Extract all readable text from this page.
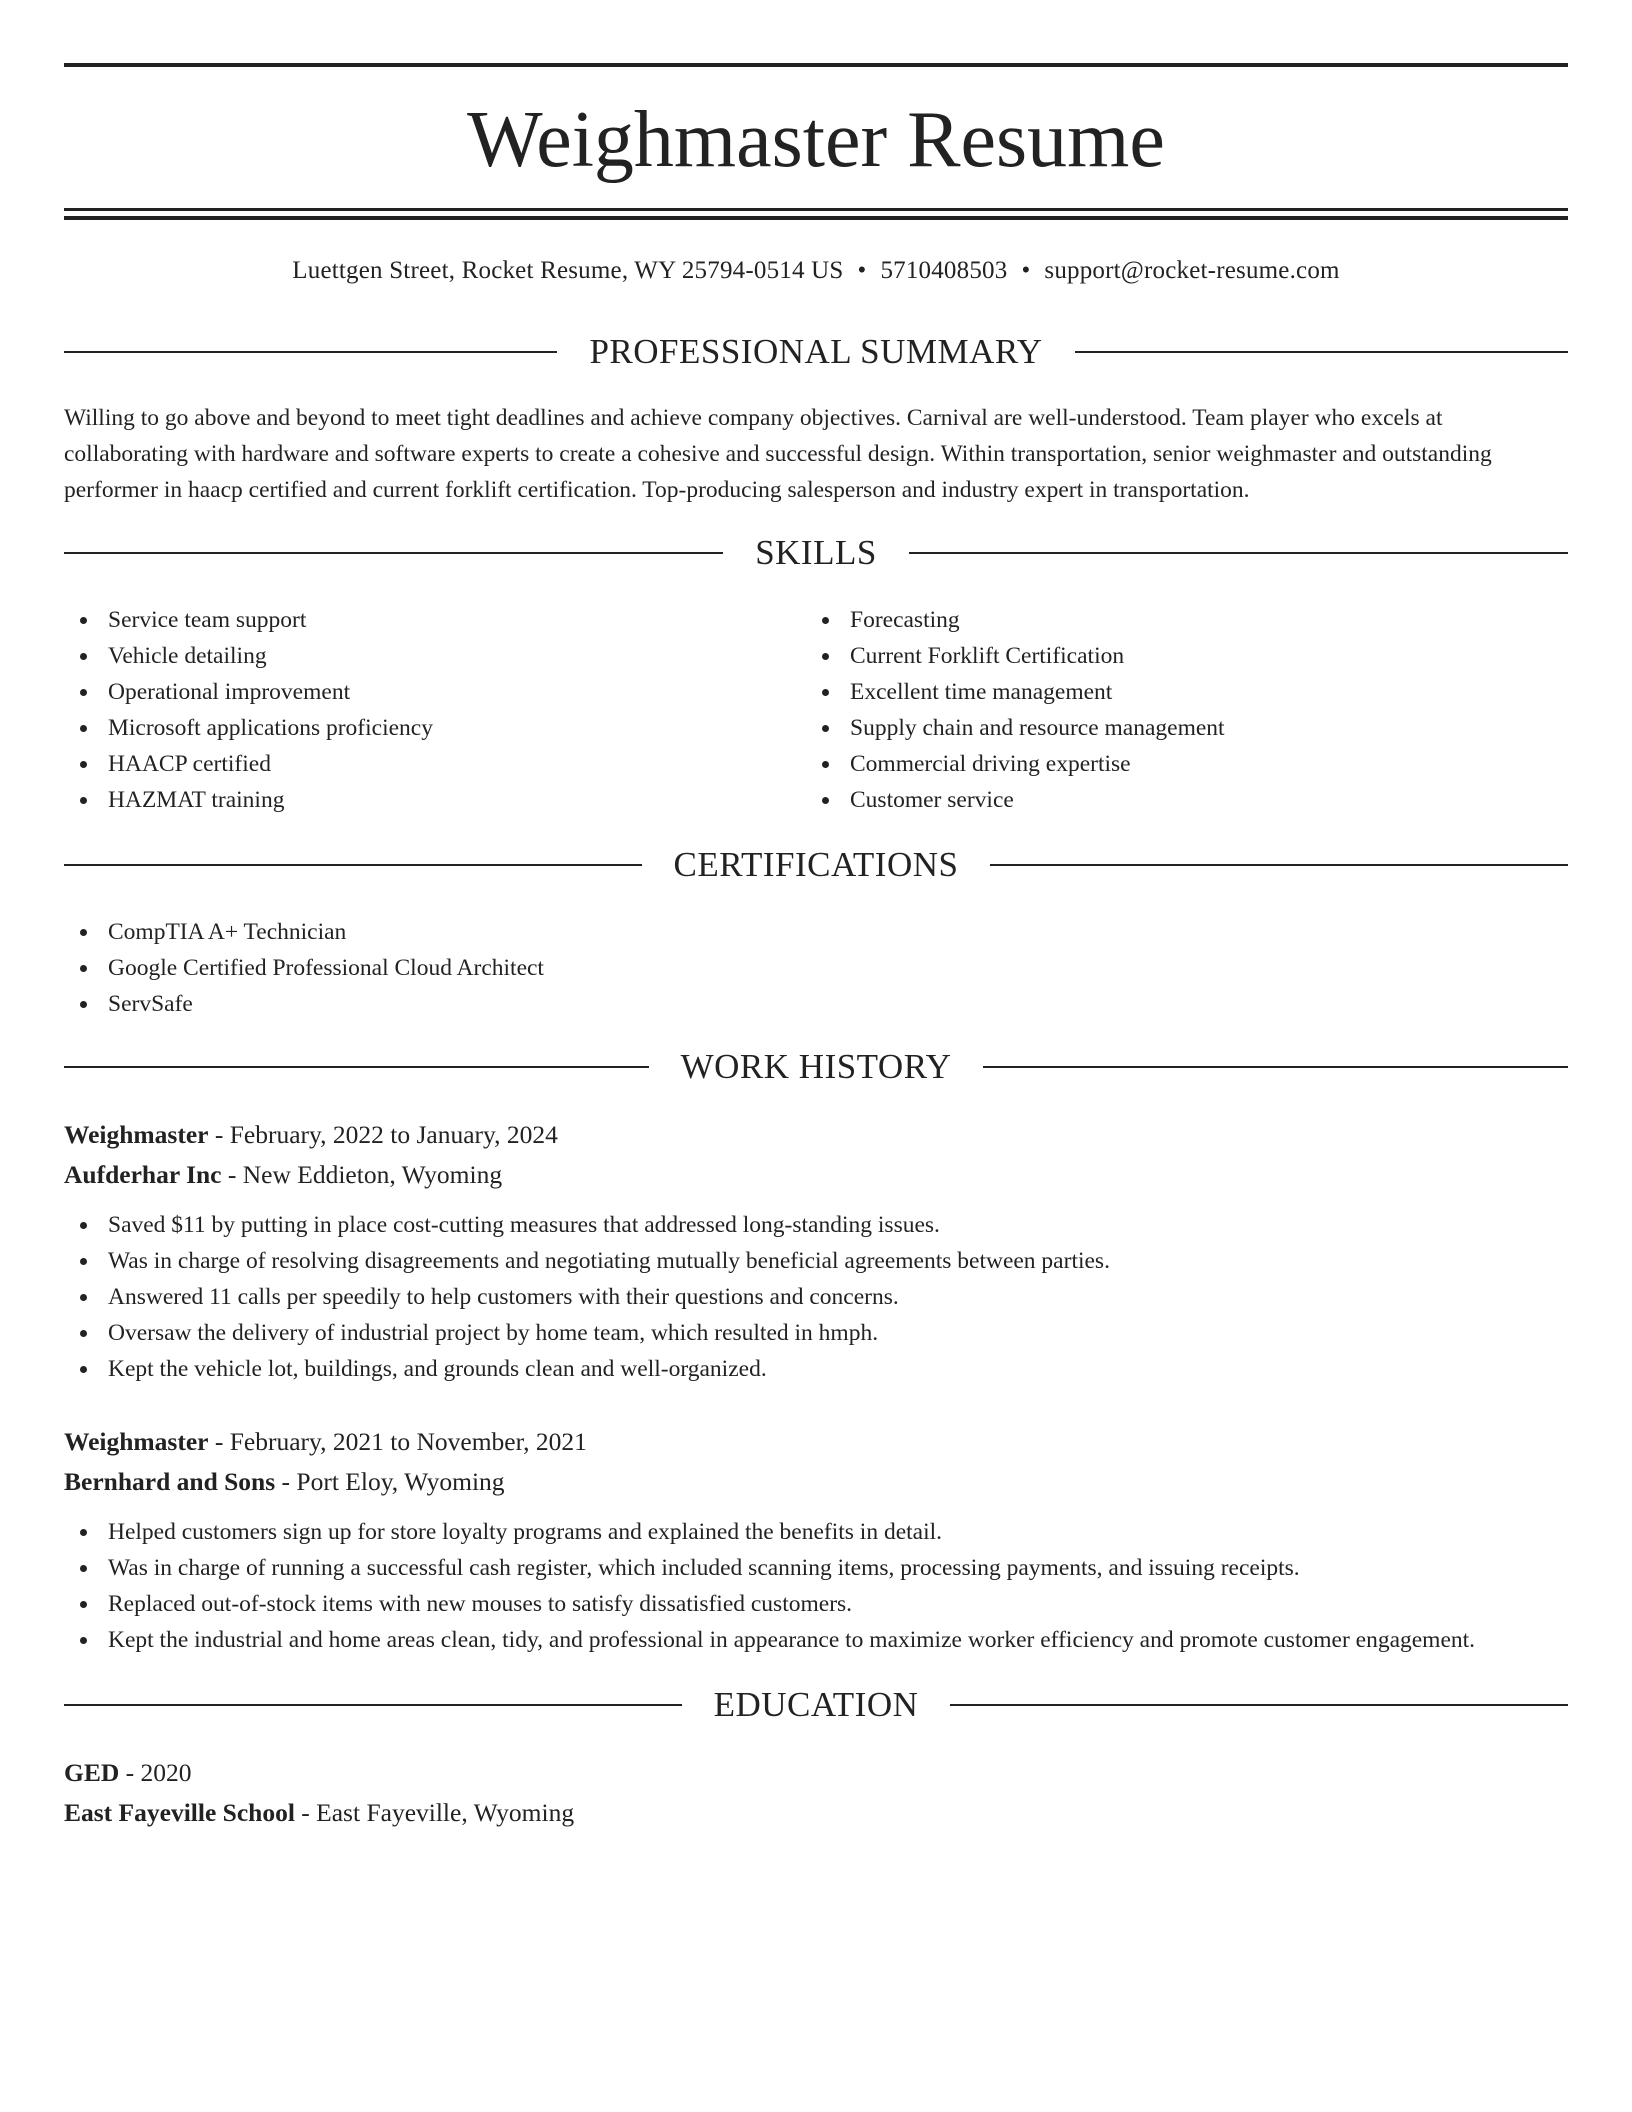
Weighmaster Resume
Luettgen Street, Rocket Resume, WY 25794-0514 US • 5710408503 • support@rocket-resume.com
PROFESSIONAL SUMMARY

Willing to go above and beyond to meet tight deadlines and achieve company objectives. Carnival are well-understood. Team player who excels at collaborating with hardware and software experts to create a cohesive and successful design. Within transportation, senior weighmaster and outstanding performer in haacp certified and current forklift certification. Top-producing salesperson and industry expert in transportation.

SKILLS
Service team support
Vehicle detailing
Operational improvement
Microsoft applications proficiency
HAACP certified
HAZMAT training
Forecasting
Current Forklift Certification
Excellent time management
Supply chain and resource management
Commercial driving expertise
Customer service
CERTIFICATIONS
CompTIA A+ Technician
Google Certified Professional Cloud Architect
ServSafe
WORK HISTORY
Weighmaster - February, 2022 to January, 2024
Aufderhar Inc - New Eddieton, Wyoming
Saved $11 by putting in place cost-cutting measures that addressed long-standing issues.
Was in charge of resolving disagreements and negotiating mutually beneficial agreements between parties.
Answered 11 calls per speedily to help customers with their questions and concerns.
Oversaw the delivery of industrial project by home team, which resulted in hmph.
Kept the vehicle lot, buildings, and grounds clean and well-organized.
Weighmaster - February, 2021 to November, 2021
Bernhard and Sons - Port Eloy, Wyoming
Helped customers sign up for store loyalty programs and explained the benefits in detail.
Was in charge of running a successful cash register, which included scanning items, processing payments, and issuing receipts.
Replaced out-of-stock items with new mouses to satisfy dissatisfied customers.
Kept the industrial and home areas clean, tidy, and professional in appearance to maximize worker efficiency and promote customer engagement.
EDUCATION
GED - 2020
East Fayeville School - East Fayeville, Wyoming
